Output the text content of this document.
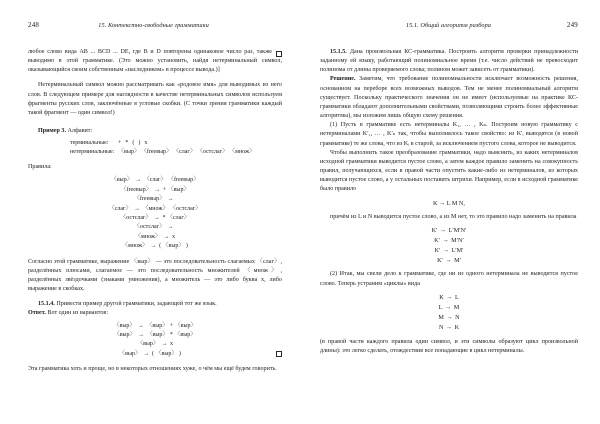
248	15. Контекстно-свободные грамматики

любое слово вида AB ... BCD ... DE, где B и D повторены одинаковое число раз, также выводимо в этой грамматике. (Это можно установить, найдя нетерминальный символ, оказывающийся своим собственным «наследником» в процессе вывода.)]

Нетерминальный символ можно рассматривать как «родовое имя» для выводимых из него слов. В следующем примере для наглядности в качестве нетерминальных символов используем фрагменты русских слов, заключённые в угловые скобки. (С точки зрения грамматики каждый такой фрагмент — один символ!)

Пример 3. Алфавит:
терминальные:	+ * ( ) x
нетерминальные: 〈выр〉 〈freeвыр〉 〈слаг〉 〈остслаг〉 〈множ〉
Правила:
〈выр〉 → 〈слаг〉 〈freeвыр〉
〈freeвыр〉 → + 〈выр〉
〈freeвыр〉 →
〈слаг〉 → 〈множ〉 〈остслаг〉
〈остслаг〉 → * 〈слаг〉
〈остслаг〉 →
〈множ〉 → x
〈множ〉 → ( 〈выр〉 )

Согласно этой грамматике, выражение 〈выр〉 — это последовательность слагаемых 〈слаг〉, разделённых плюсами, слагаемое — это последовательность множителей 〈множ〉, разделённых звёздочками (знаками умножения), а множитель — это либо буква x, либо выражение в скобках.

15.1.4. Привести пример другой грамматики, задающей тот же язык.

Ответ. Вот один из вариантов:

〈выр〉 → 〈выр〉 + 〈выр〉
〈выр〉 → 〈выр〉 * 〈выр〉
〈выр〉 → x
〈выр〉 → ( 〈выр〉 )

Эта грамматика хоть и проще, но в некоторых отношениях хуже, о чём мы ещё будем говорить.

15.1. Общий алгоритм разбора	249

15.1.5. Дана произвольная КС-грамматика. Построить алгоритм проверки принадлежности заданному ей языку, работающий полиномиальное время (т.е. число действий не превосходит полинома от длины проверяемого слова; полином может зависеть от грамматики).

Решение. Заметим, что требование полиномиальности исключает возможность решения, основанном на переборе всех возможных выводов. Тем не менее полиномиальный алгоритм существует. Поскольку практического значения он не имеет (используемые на практике КС-грамматики обладают дополнительными свойствами, позволяющими строить более эффективные алгоритмы), мы изложим лишь общую схему решения.

(1) Пусть в грамматике есть нетерминалы K₁, … , Kₙ. Построим новую грамматику с нетерминалами K′₁, … , K′ₙ так, чтобы выполнялось такое свойство: из K′ᵢ выводятся (в новой грамматике) те же слова, что из Kᵢ в старой, за исключением пустого слова, которое не выводится.

Чтобы выполнить такое преобразование грамматики, надо выяснить, из каких нетерминалов исходной грамматики выводится пустое слово, а затем каждое правило заменить на совокупность правил, получающихся, если в правой части опустить какие-либо из нетерминалов, из которых выводится пустое слово, а у остальных поставить штрихи. Например, если в исходной грамматике было правило

K → L M N,

причём из L и N выводится пустое слово, а из M нет, то это правило надо заменить на правила

K′ → L′M′N′
K′ → M′N′
K′ → L′M′
K′ → M′

(2) Итак, мы свели дело к грамматике, где ни из одного нетерминала не выводится пустое слово. Теперь устраним «циклы» вида

K → L
L → M
M → N
N → K

(в правой части каждого правила один символ, и эти символы образуют цикл произвольной длины): это легко сделать, отождествив все попадающие в цикл нетерминалы.
